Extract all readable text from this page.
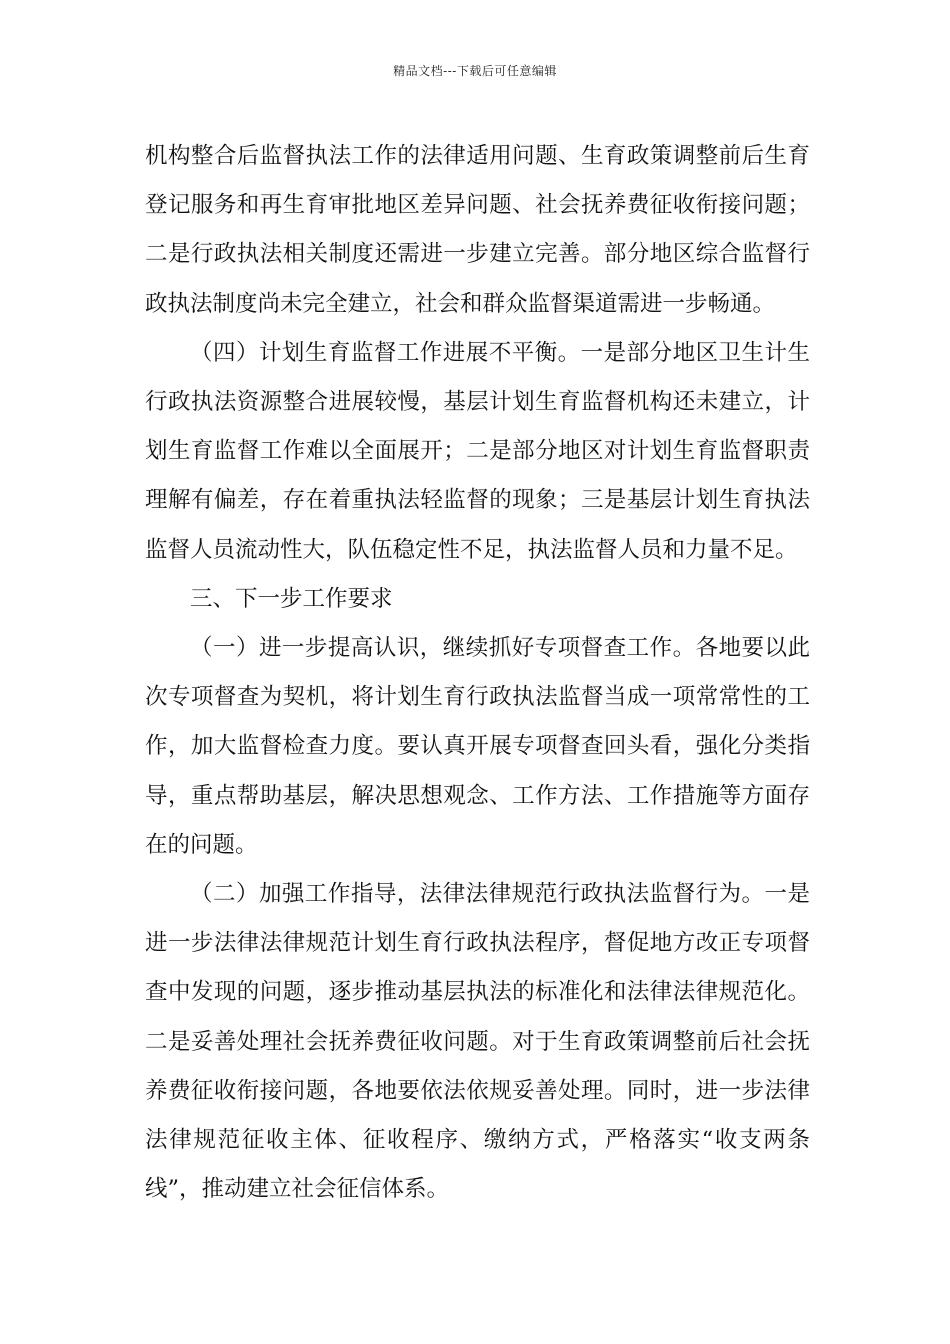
精品文档---下载后可任意编辑

机构整合后监督执法工作的法律适用问题、生育政策调整前后生育登记服务和再生育审批地区差异问题、社会抚养费征收衔接问题；二是行政执法相关制度还需进一步建立完善。部分地区综合监督行政执法制度尚未完全建立，社会和群众监督渠道需进一步畅通。

（四）计划生育监督工作进展不平衡。一是部分地区卫生计生行政执法资源整合进展较慢，基层计划生育监督机构还未建立，计划生育监督工作难以全面展开；二是部分地区对计划生育监督职责理解有偏差，存在着重执法轻监督的现象；三是基层计划生育执法监督人员流动性大，队伍稳定性不足，执法监督人员和力量不足。

三、下一步工作要求

（一）进一步提高认识，继续抓好专项督查工作。各地要以此次专项督查为契机，将计划生育行政执法监督当成一项常常性的工作，加大监督检查力度。要认真开展专项督查回头看，强化分类指导，重点帮助基层，解决思想观念、工作方法、工作措施等方面存在的问题。

（二）加强工作指导，法律法律规范行政执法监督行为。一是进一步法律法律规范计划生育行政执法程序，督促地方改正专项督查中发现的问题，逐步推动基层执法的标准化和法律法律规范化。二是妥善处理社会抚养费征收问题。对于生育政策调整前后社会抚养费征收衔接问题，各地要依法依规妥善处理。同时，进一步法律法律规范征收主体、征收程序、缴纳方式，严格落实“收支两条线”，推动建立社会征信体系。
